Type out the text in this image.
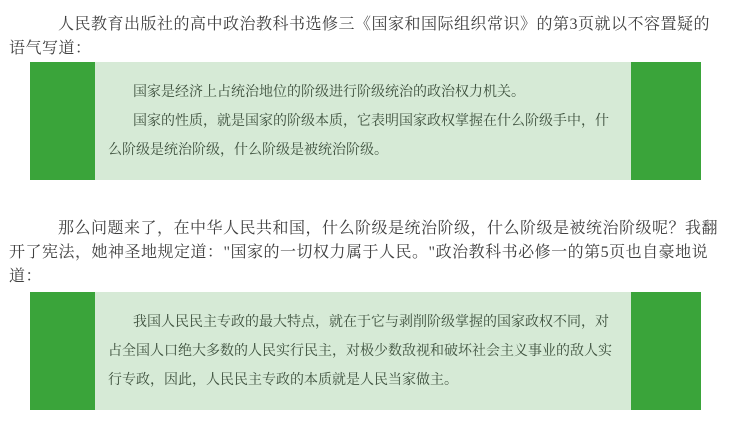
人民教育出版社的高中政治教科书选修三《国家和国际组织常识》的第3页就以不容置疑的语气写道：

国家是经济上占统治地位的阶级进行阶级统治的政治权力机关。

国家的性质，就是国家的阶级本质，它表明国家政权掌握在什么阶级手中，什么阶级是统治阶级，什么阶级是被统治阶级。

那么问题来了，在中华人民共和国，什么阶级是统治阶级，什么阶级是被统治阶级呢？我翻开了宪法，她神圣地规定道："国家的一切权力属于人民。"政治教科书必修一的第5页也自豪地说道：

我国人民民主专政的最大特点，就在于它与剥削阶级掌握的国家政权不同，对占全国人口绝大多数的人民实行民主，对极少数敌视和破坏社会主义事业的敌人实行专政，因此，人民民主专政的本质就是人民当家做主。
